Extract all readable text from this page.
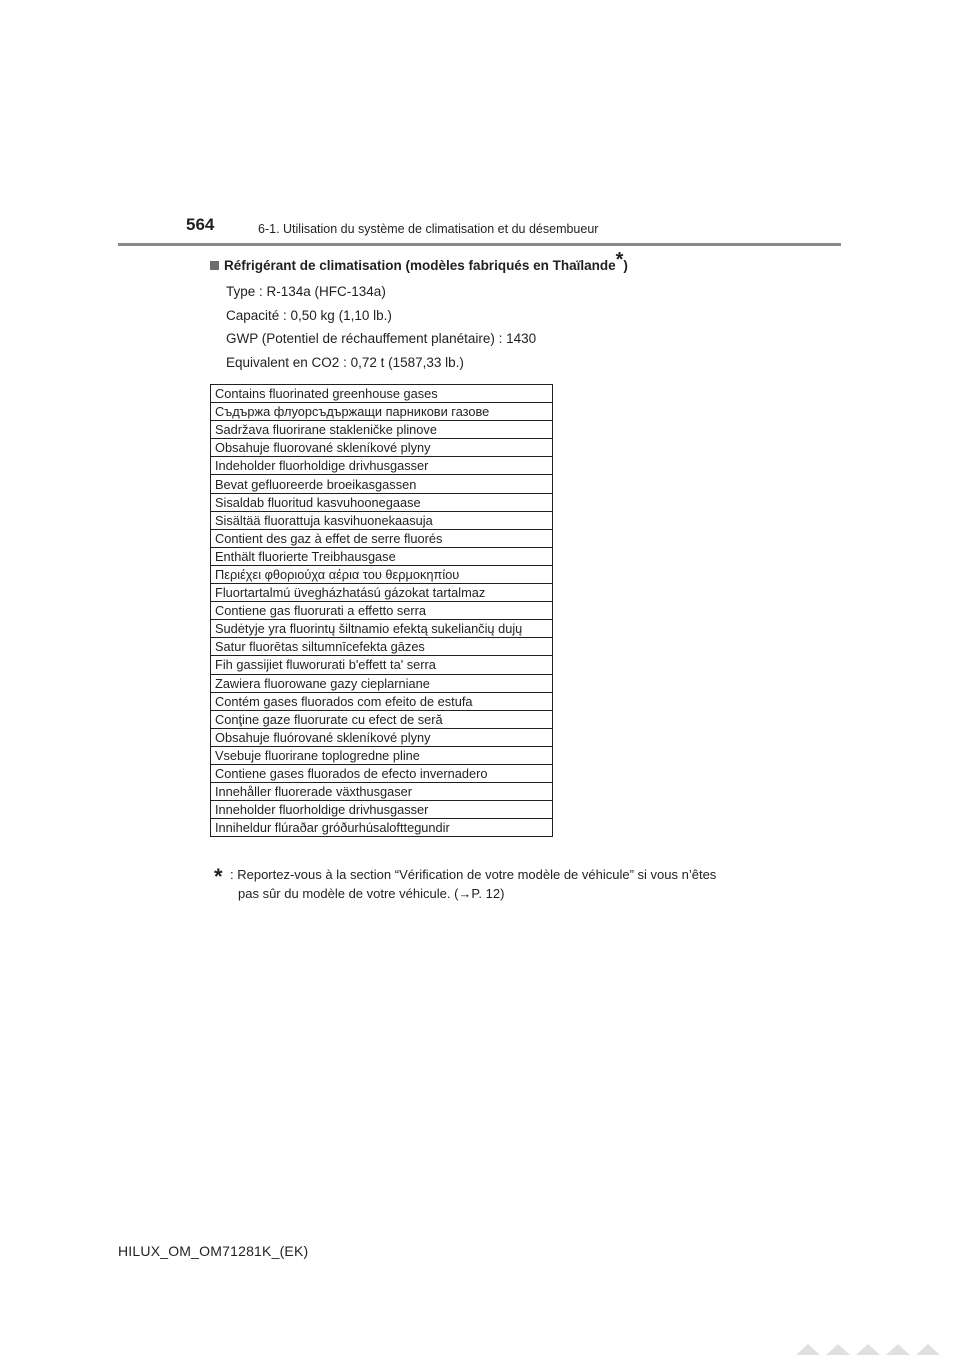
564	6-1. Utilisation du système de climatisation et du désembueur
Réfrigérant de climatisation (modèles fabriqués en Thaïlande*)
Type : R-134a (HFC-134a)
Capacité : 0,50 kg (1,10 lb.)
GWP (Potentiel de réchauffement planétaire) : 1430
Equivalent en CO2 : 0,72 t (1587,33 lb.)
Contains fluorinated greenhouse gases
Съдържа флуорсъдържащи парникови газове
Sadržava fluorirane stakleničke plinove
Obsahuje fluorované skleníkové plyny
Indeholder fluorholdige drivhusgasser
Bevat gefluoreerde broeikasgassen
Sisaldab fluoritud kasvuhoonegaase
Sisältää fluorattuja kasvihuonekaasuja
Contient des gaz à effet de serre fluorés
Enthält fluorierte Treibhausgase
Περιέχει φθοριούχα αέρια του θερμοκηπίου
Fluortartalmú üvegházhatású gázokat tartalmaz
Contiene gas fluorurati a effetto serra
Sudėtyje yra fluorintų šiltnamio efektą sukeliančių dujų
Satur fluorētas siltumnīcefekta gāzes
Fih gassijiet fluworurati b'effett ta' serra
Zawiera fluorowane gazy cieplarniane
Contém gases fluorados com efeito de estufa
Conţine gaze fluorurate cu efect de seră
Obsahuje fluórované skleníkové plyny
Vsebuje fluorirane toplogredne pline
Contiene gases fluorados de efecto invernadero
Innehåller fluorerade växthusgaser
Inneholder fluorholdige drivhusgasser
Inniheldur flúraðar gróðurhúsalofttegundir
* : Reportez-vous à la section “Vérification de votre modèle de véhicule” si vous n’êtes
pas sûr du modèle de votre véhicule. (→P. 12)
HILUX_OM_OM71281K_(EK)
